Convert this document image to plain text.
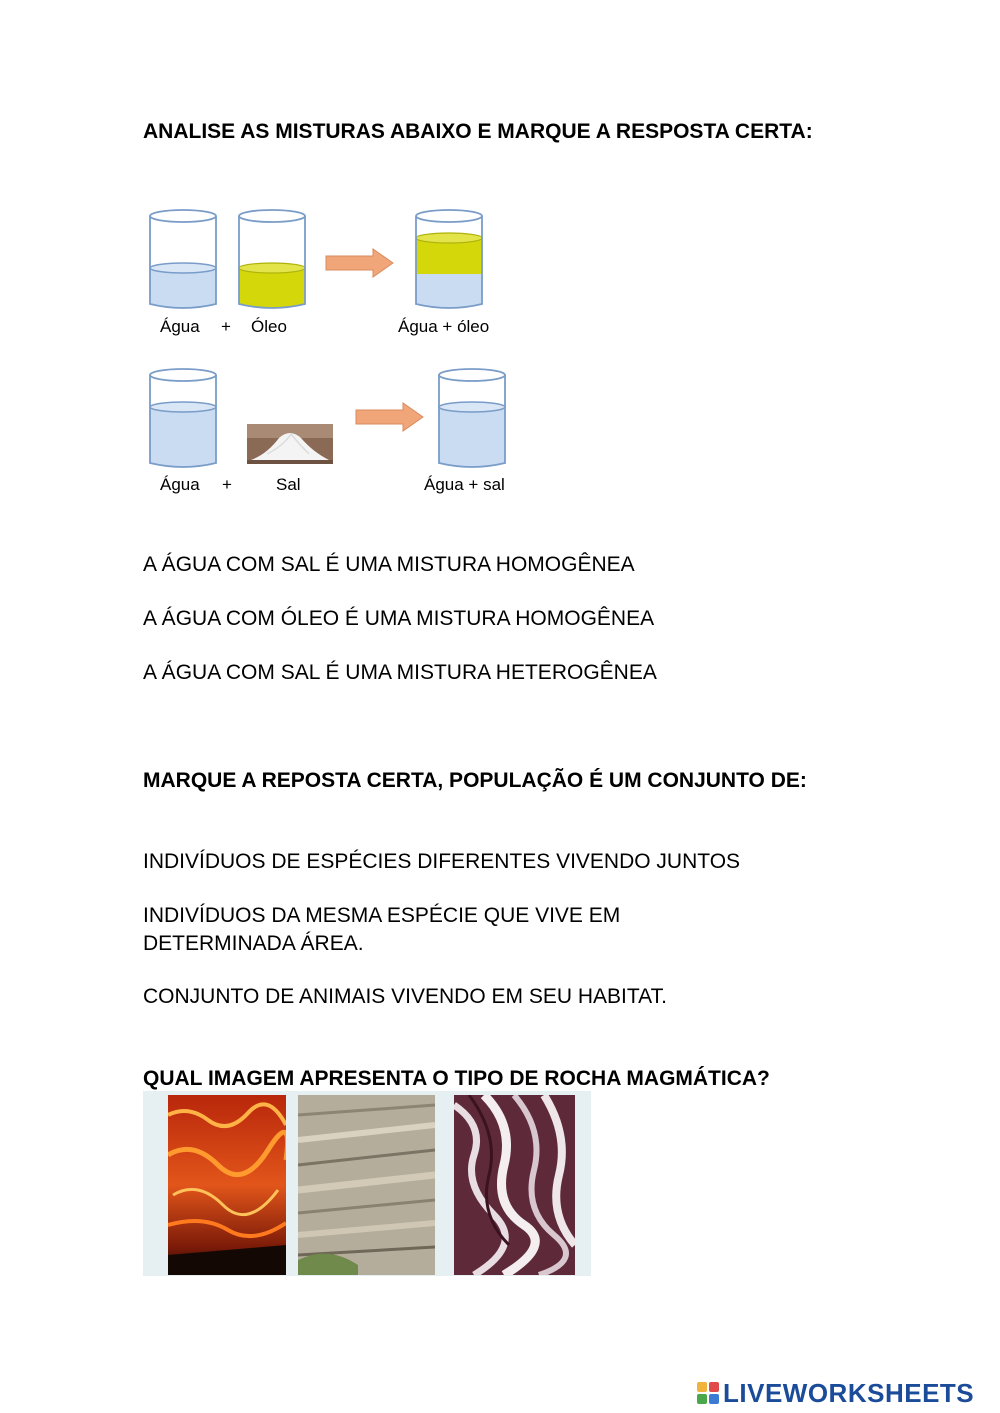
ANALISE AS MISTURAS ABAIXO E MARQUE A RESPOSTA CERTA:
Água + Óleo	Água + óleo
Água +	Sal	Água + sal
A ÁGUA COM SAL É UMA MISTURA HOMOGÊNEA
A ÁGUA COM ÓLEO É UMA MISTURA HOMOGÊNEA
A ÁGUA COM SAL É UMA MISTURA HETEROGÊNEA
MARQUE A REPOSTA CERTA, POPULAÇÃO É UM CONJUNTO DE:
INDIVÍDUOS DE ESPÉCIES DIFERENTES VIVENDO JUNTOS
INDIVÍDUOS DA MESMA ESPÉCIE QUE VIVE EM DETERMINADA ÁREA.
CONJUNTO DE ANIMAIS VIVENDO EM SEU HABITAT.
QUAL IMAGEM APRESENTA O TIPO DE ROCHA MAGMÁTICA?
LIVEWORKSHEETS
